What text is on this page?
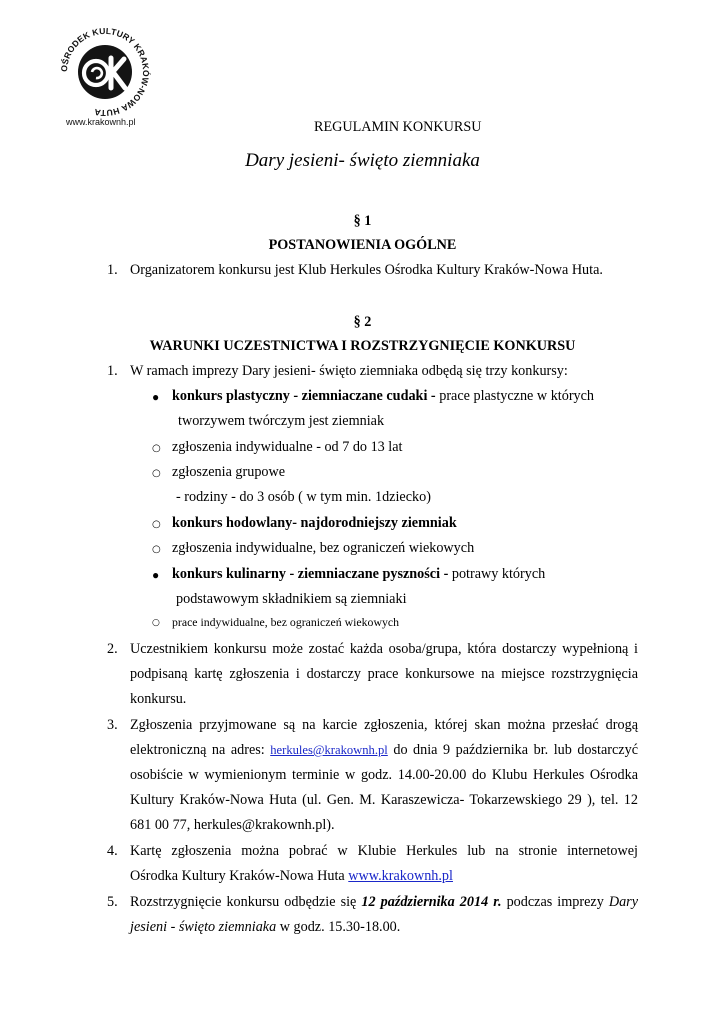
OŚRODEK KULTURY KRAKÓW-NOWA HUTA
www.krakownh.pl	REGULAMIN KONKURSU
Dary jesieni- święto ziemniaka
§ 1
POSTANOWIENIA OGÓLNE
1. Organizatorem konkursu jest Klub Herkules Ośrodka Kultury Kraków-Nowa Huta.
§ 2
WARUNKI UCZESTNICTWA I ROZSTRZYGNIĘCIE KONKURSU
1. W ramach imprezy Dary jesieni- święto ziemniaka odbędą się trzy konkursy:
● konkurs plastyczny - ziemniaczane cudaki - prace plastyczne w których
tworzywem twórczym jest ziemniak
○ zgłoszenia indywidualne - od 7 do 13 lat
○ zgłoszenia grupowe
- rodziny - do 3 osób ( w tym min. 1dziecko)
○ konkurs hodowlany- najdorodniejszy ziemniak
○ zgłoszenia indywidualne, bez ograniczeń wiekowych
● konkurs kulinarny - ziemniaczane pyszności - potrawy których
podstawowym składnikiem są ziemniaki
○ prace indywidualne, bez ograniczeń wiekowych
2. Uczestnikiem konkursu może zostać każda osoba/grupa, która dostarczy wypełnioną i
podpisaną kartę zgłoszenia i dostarczy prace konkursowe na miejsce rozstrzygnięcia
konkursu.
3. Zgłoszenia przyjmowane są na karcie zgłoszenia, której skan można przesłać drogą
elektroniczną na adres: herkules@krakownh.pl do dnia 9 października br. lub dostarczyć
osobiście w wymienionym terminie w godz. 14.00-20.00 do Klubu Herkules Ośrodka
Kultury Kraków-Nowa Huta (ul. Gen. M. Karaszewicza- Tokarzewskiego 29 ), tel. 12
681 00 77, herkules@krakownh.pl).
4. Kartę zgłoszenia można pobrać w Klubie Herkules lub na stronie internetowej
Ośrodka Kultury Kraków-Nowa Huta www.krakownh.pl
5. Rozstrzygnięcie konkursu odbędzie się 12 października 2014 r. podczas imprezy Dary
jesieni - święto ziemniaka w godz. 15.30-18.00.
